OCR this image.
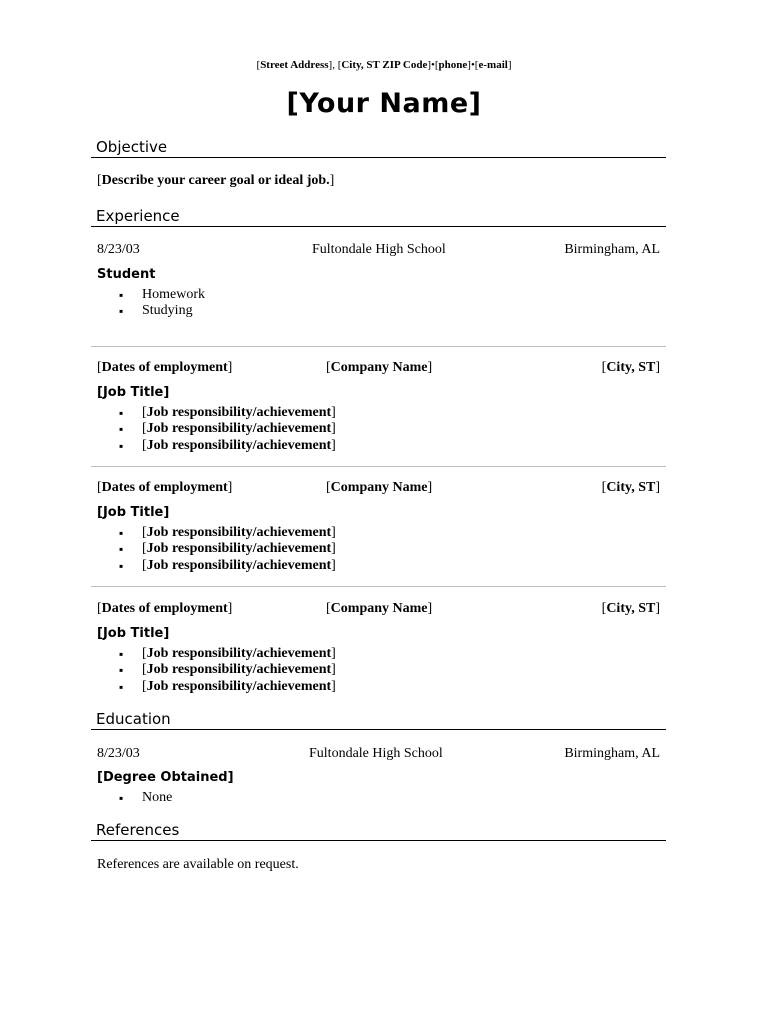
[Street Address], [City, ST ZIP Code]•[phone]•[e-mail]
[Your Name]
Objective
[Describe your career goal or ideal job.]
Experience
8/23/03	Fultondale High School	Birmingham, AL
Student
▪ Homework
▪ Studying
[Dates of employment]	[Company Name]	[City, ST]
[Job Title]
▪ [Job responsibility/achievement]
▪ [Job responsibility/achievement]
▪ [Job responsibility/achievement]
[Dates of employment]	[Company Name]	[City, ST]
[Job Title]
▪ [Job responsibility/achievement]
▪ [Job responsibility/achievement]
▪ [Job responsibility/achievement]
[Dates of employment]	[Company Name]	[City, ST]
[Job Title]
▪ [Job responsibility/achievement]
▪ [Job responsibility/achievement]
▪ [Job responsibility/achievement]
Education
8/23/03	Fultondale High School	Birmingham, AL
[Degree Obtained]
▪ None
References
References are available on request.
